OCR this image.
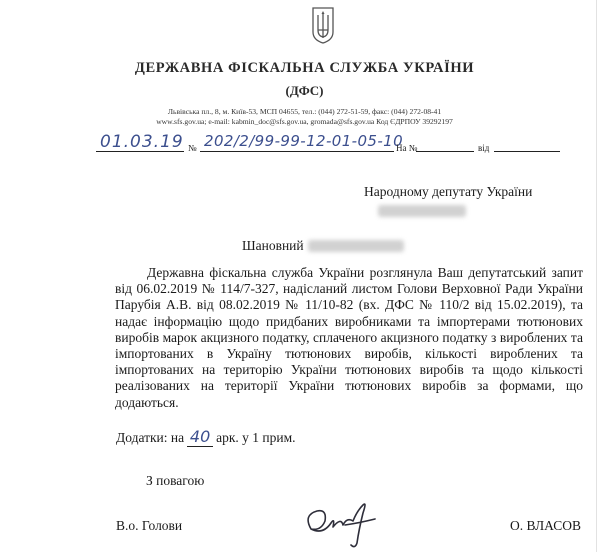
ДЕРЖАВНА ФІСКАЛЬНА СЛУЖБА УКРАЇНИ
(ДФС)
Львівська пл., 8, м. Київ-53, МСП 04655, тел.: (044) 272-51-59, факс: (044) 272-08-41
www.sfs.gov.ua; e-mail: kabmin_doc@sfs.gov.ua, gromada@sfs.gov.ua Код ЄДРПОУ 39292197
01.03.19 № 202/2/99-99-12-01-05-10
На №	від
Народному депутату України
Шановний
Державна фіскальна служба України розглянула Ваш депутатський запит від 06.02.2019 № 114/7-327, надісланий листом Голови Верховної Ради України Парубія А.В. від 08.02.2019 № 11/10-82 (вх. ДФС № 110/2 від 15.02.2019), та надає інформацію щодо придбаних виробниками та імпортерами тютюнових виробів марок акцизного податку, сплаченого акцизного податку з вироблених та імпортованих в Україну тютюнових виробів, кількості вироблених та імпортованих на територію України тютюнових виробів та щодо кількості реалізованих на території України тютюнових виробів за формами, що додаються.
Додатки: на 40 арк. у 1 прим.
З повагою
В.о. Голови	О. ВЛАСОВ
